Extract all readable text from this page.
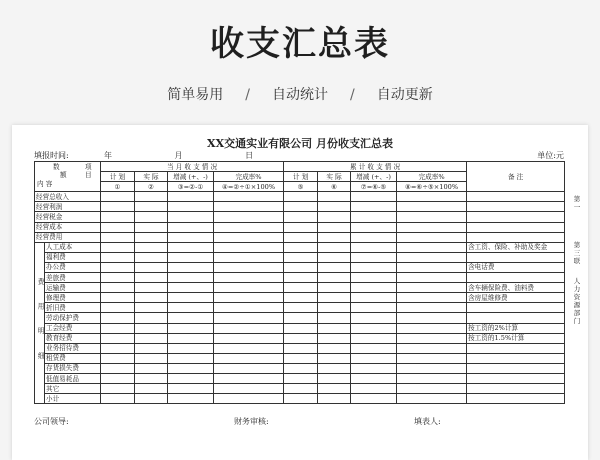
收支汇总表
简单易用 / 自动统计 / 自动更新
XX交通实业有限公司 月份收支汇总表
填报时间:	年 月 日	单位:元
数 项
额 目
内 容		当 月 收 支 情 况				累 计 收 支 情 况				备 注
		计 划	实 际	增减 (+、-)	完成率%	计 划	实 际	增减 (+、-)	完成率%	
		①	②	③=②-①	④=②÷①×100%	⑤	⑥	⑦=⑥-⑤	⑧=⑥÷⑤×100%	
经营总收入										
经营利润										
经营税金										
经营成本										
经营费用										
费 用 明 细	人工成本									含工资、保险、补助及奖金
	福利费									
	办公费									含电话费
	差旅费									
	运输费									含车辆保险费、油料费
	修理费									含房屋维修费
	折旧费									
	劳动保护费									
	工会经费									按工资的2%计算
	教育经费									按工资的1.5%计算
	业务招待费									
	租赁费									
	存货损失费									
	低值易耗品									
	其它									
	小计									
第一
第三联
人力资源部门
公司领导:	财务审核:	填表人:
